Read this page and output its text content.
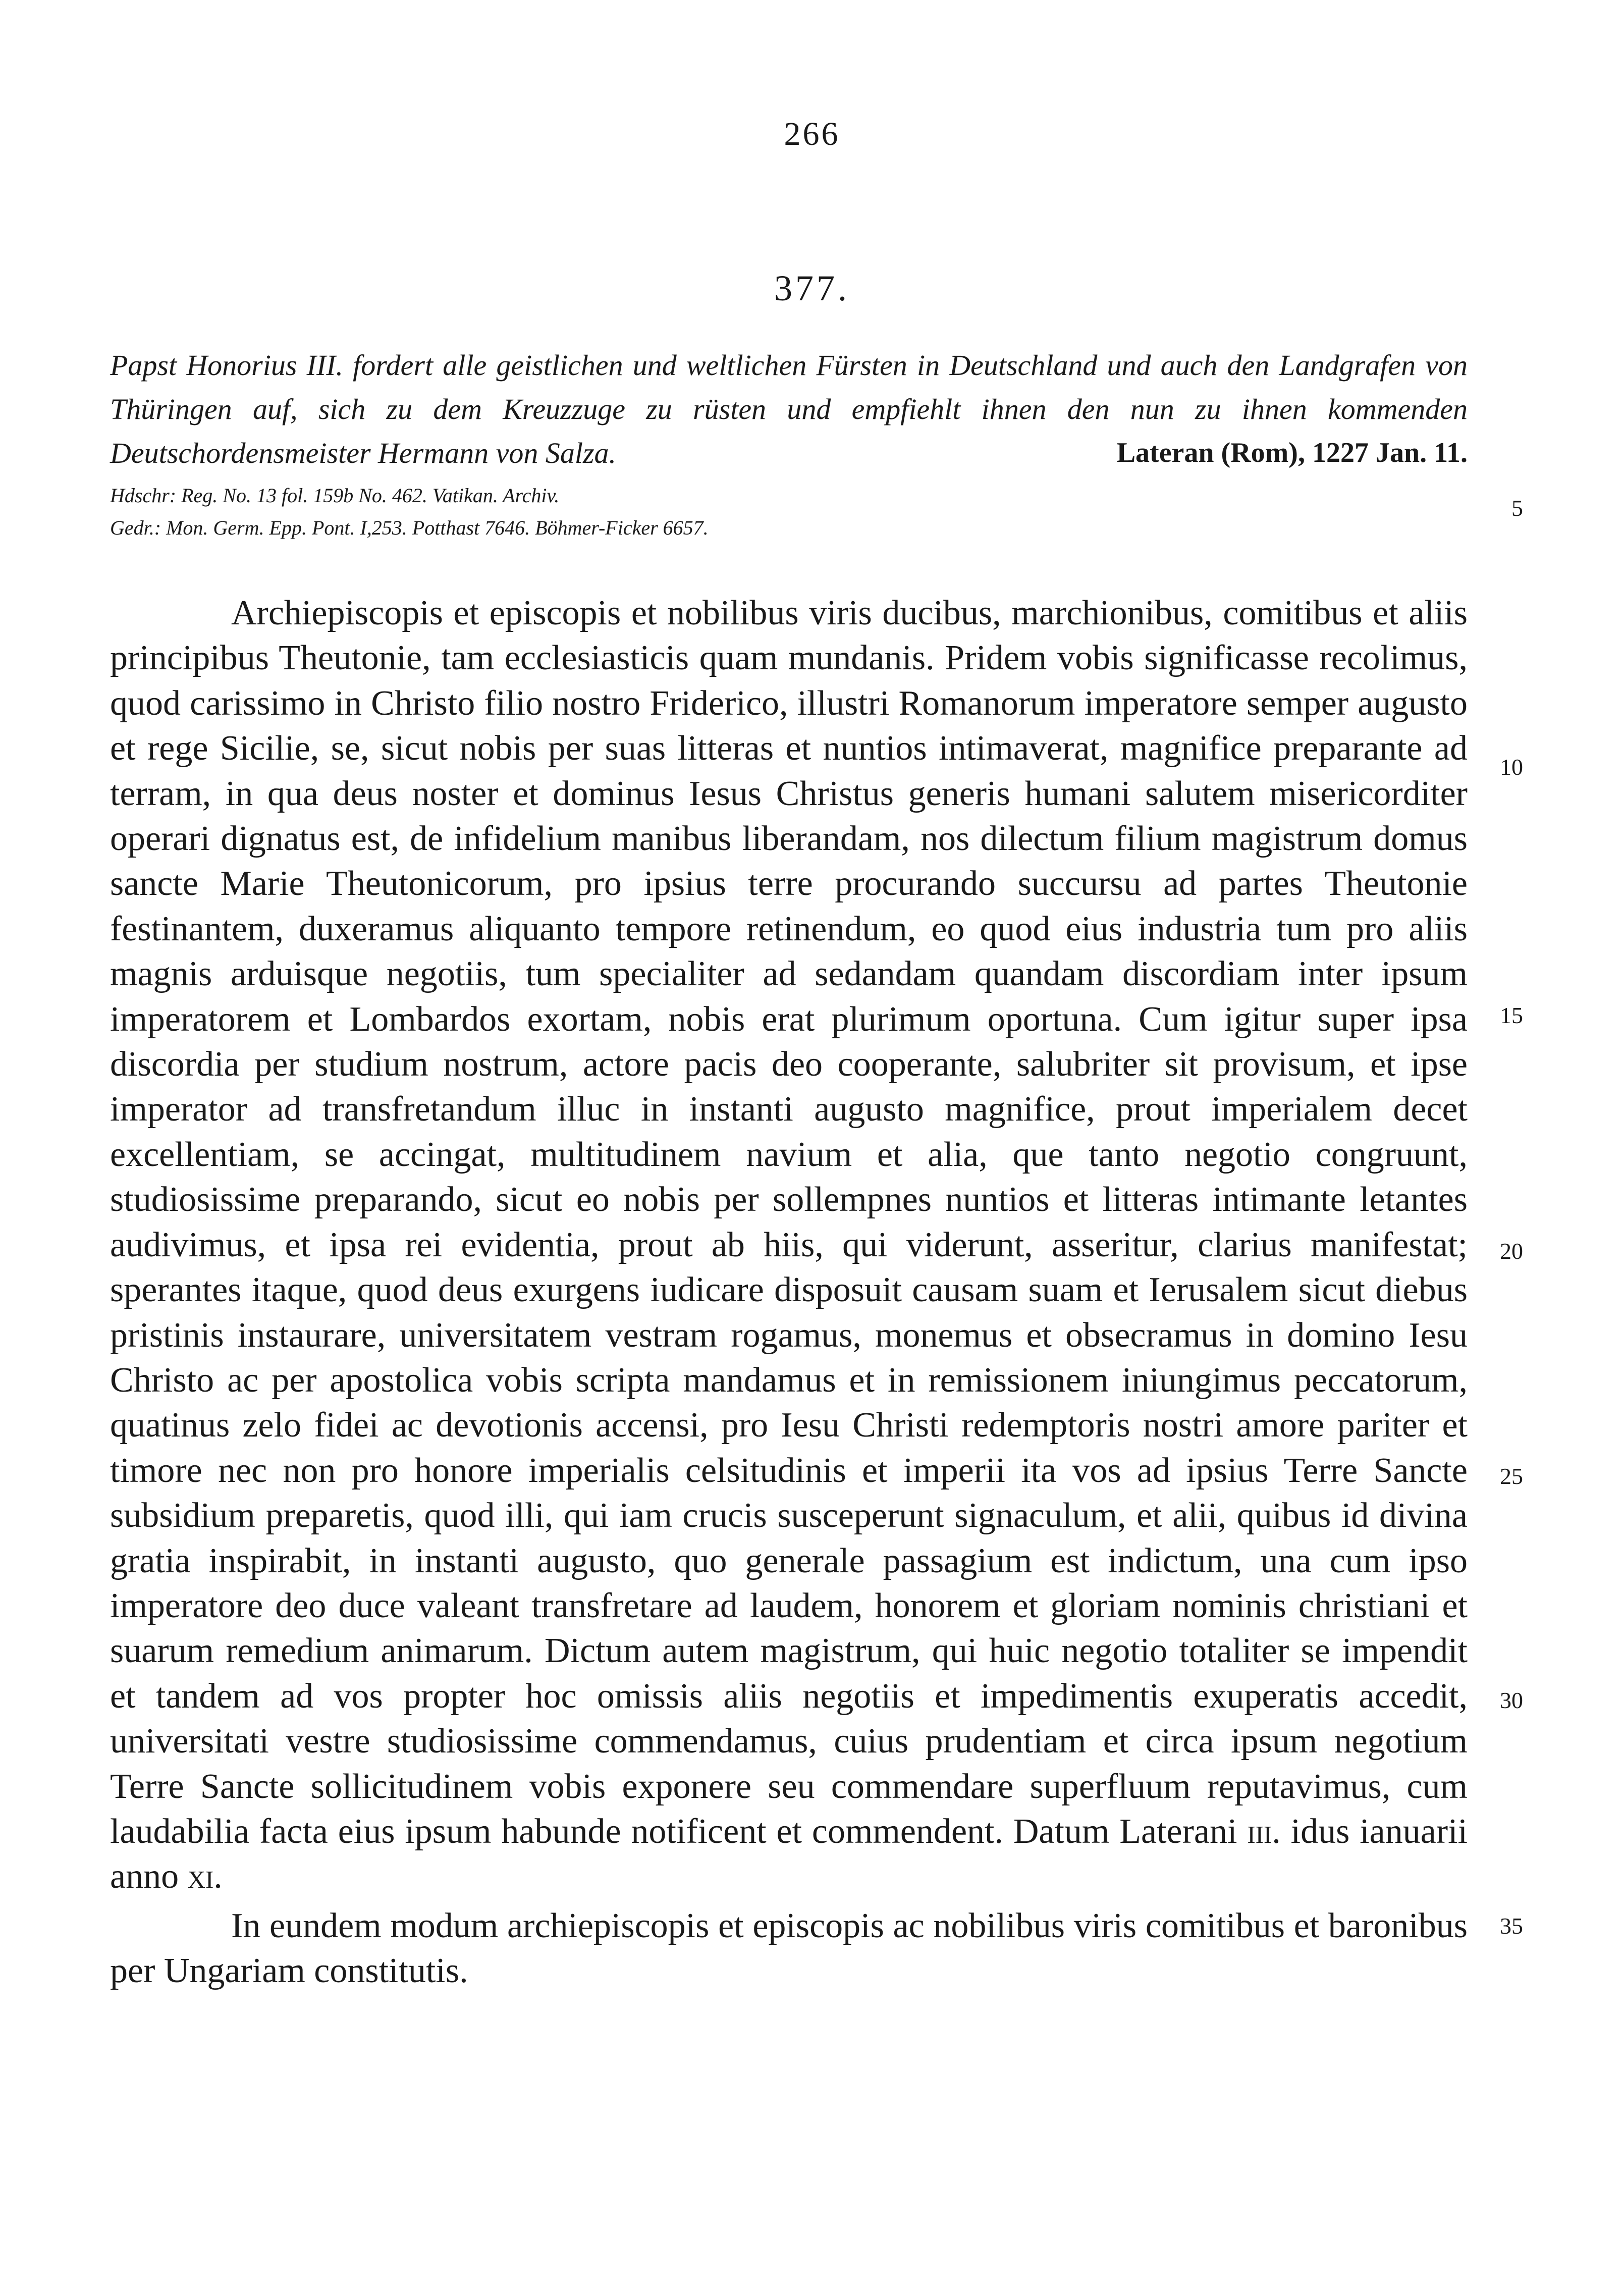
266
377.
Papst Honorius III. fordert alle geistlichen und weltlichen Fürsten in Deutschland und auch den Landgrafen von Thüringen auf, sich zu dem Kreuzzuge zu rüsten und empfiehlt ihnen den nun zu ihnen kommenden Deutschordensmeister Hermann von Salza.	Lateran (Rom), 1227 Jan. 11.
Hdschr: Reg. No. 13 fol. 159b No. 462. Vatikan. Archiv.
Gedr.: Mon. Germ. Epp. Pont. I,253. Potthast 7646. Böhmer-Ficker 6657.

Archiepiscopis et episcopis et nobilibus viris ducibus, marchionibus, comitibus et aliis principibus Theutonie, tam ecclesiasticis quam mundanis. Pridem vobis significasse recolimus, quod carissimo in Christo filio nostro Friderico, illustri Romanorum imperatore semper augusto et rege Sicilie, se, sicut nobis per suas litteras et nuntios intimaverat, magnifice preparante ad terram, in qua deus noster et dominus Iesus Christus generis humani salutem misericorditer operari dignatus est, de infidelium manibus liberandam, nos dilectum filium magistrum domus sancte Marie Theutonicorum, pro ipsius terre procurando succursu ad partes Theutonie festinantem, duxeramus aliquanto tempore retinendum, eo quod eius industria tum pro aliis magnis arduisque negotiis, tum specialiter ad sedandam quandam discordiam inter ipsum imperatorem et Lombardos exortam, nobis erat plurimum oportuna. Cum igitur super ipsa discordia per studium nostrum, actore pacis deo cooperante, salubriter sit provisum, et ipse imperator ad transfretandum illuc in instanti augusto magnifice, prout imperialem decet excellentiam, se accingat, multitudinem navium et alia, que tanto negotio congruunt, studiosissime preparando, sicut eo nobis per sollempnes nuntios et litteras intimante letantes audivimus, et ipsa rei evidentia, prout ab hiis, qui viderunt, asseritur, clarius manifestat; sperantes itaque, quod deus exurgens iudicare disposuit causam suam et Ierusalem sicut diebus pristinis instaurare, universitatem vestram rogamus, monemus et obsecramus in domino Iesu Christo ac per apostolica vobis scripta mandamus et in remissionem iniungimus peccatorum, quatinus zelo fidei ac devotionis accensi, pro Iesu Christi redemptoris nostri amore pariter et timore nec non pro honore imperialis celsitudinis et imperii ita vos ad ipsius Terre Sancte subsidium preparetis, quod illi, qui iam crucis susceperunt signaculum, et alii, quibus id divina gratia inspirabit, in instanti augusto, quo generale passagium est indictum, una cum ipso imperatore deo duce valeant transfretare ad laudem, honorem et gloriam nominis christiani et suarum remedium animarum. Dictum autem magistrum, qui huic negotio totaliter se impendit et tandem ad vos propter hoc omissis aliis negotiis et impedimentis exuperatis accedit, universitati vestre studiosissime commendamus, cuius prudentiam et circa ipsum negotium Terre Sancte sollicitudinem vobis exponere seu commendare superfluum reputavimus, cum laudabilia facta eius ipsum habunde notificent et commendent. Datum Laterani iii. idus ianuarii anno xi.

In eundem modum archiepiscopis et episcopis ac nobilibus viris comitibus et baronibus per Ungariam constitutis.

5
10
15
20
25
30
35
